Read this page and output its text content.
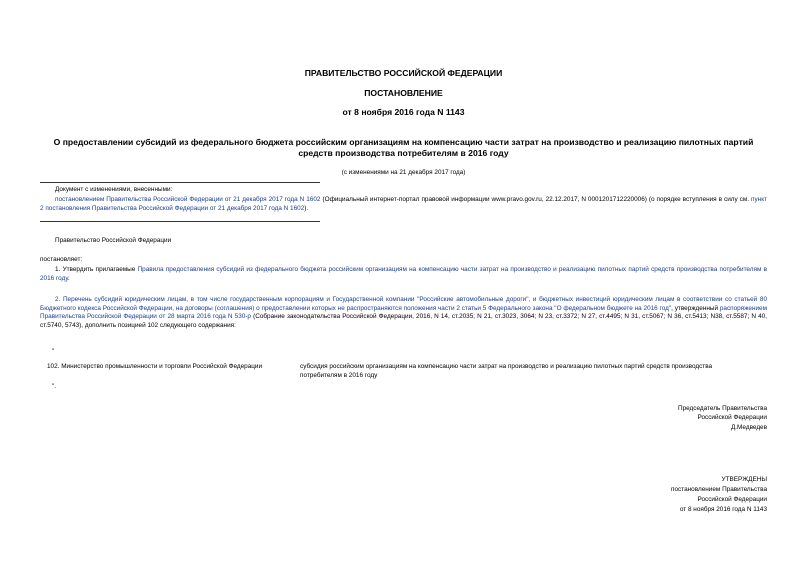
ПРАВИТЕЛЬСТВО РОССИЙСКОЙ ФЕДЕРАЦИИ
ПОСТАНОВЛЕНИЕ
от 8 ноября 2016 года N 1143
О предоставлении субсидий из федерального бюджета российским организациям на компенсацию части затрат на производство и реализацию пилотных партий средств производства потребителям в 2016 году
(с изменениями на 21 декабря 2017 года)
Документ с изменениями, внесенными:
постановлением Правительства Российской Федерации от 21 декабря 2017 года N 1602 (Официальный интернет-портал правовой информации www.pravo.gov.ru, 22.12.2017, N 0001201712220006) (о порядке вступления в силу см. пункт 2 постановления Правительства Российской Федерации от 21 декабря 2017 года N 1602).
Правительство Российской Федерации
постановляет:
1. Утвердить прилагаемые Правила предоставления субсидий из федерального бюджета российским организациям на компенсацию части затрат на производство и реализацию пилотных партий средств производства потребителям в 2016 году.
2. Перечень субсидий юридическим лицам, в том числе государственным корпорациям и Государственной компании "Российские автомобильные дороги", и бюджетных инвестиций юридическим лицам в соответствии со статьей 80 Бюджетного кодекса Российской Федерации, на договоры (соглашения) о предоставлении которых не распространяются положения части 2 статьи 5 Федерального закона "О федеральном бюджете на 2016 год", утвержденный распоряжением Правительства Российской Федерации от 28 марта 2016 года N 530-р (Собрание законодательства Российской Федерации, 2016, N 14, ст.2035; N 21, ст.3023, 3064; N 23, ст.3372; N 27, ст.4495; N 31, ст.5067; N 36, ст.5413; N38, ст.5587; N 40, ст.5740, 5743), дополнить позицией 102 следующего содержания:
"
102. Министерство промышленности и торговли Российской Федерации	субсидия российским организациям на компенсацию части затрат на производство и реализацию пилотных партий средств производства потребителям в 2016 году
".
Председатель Правительства
Российской Федерации
Д.Медведев
УТВЕРЖДЕНЫ
постановлением Правительства
Российской Федерации
от 8 ноября 2016 года N 1143
